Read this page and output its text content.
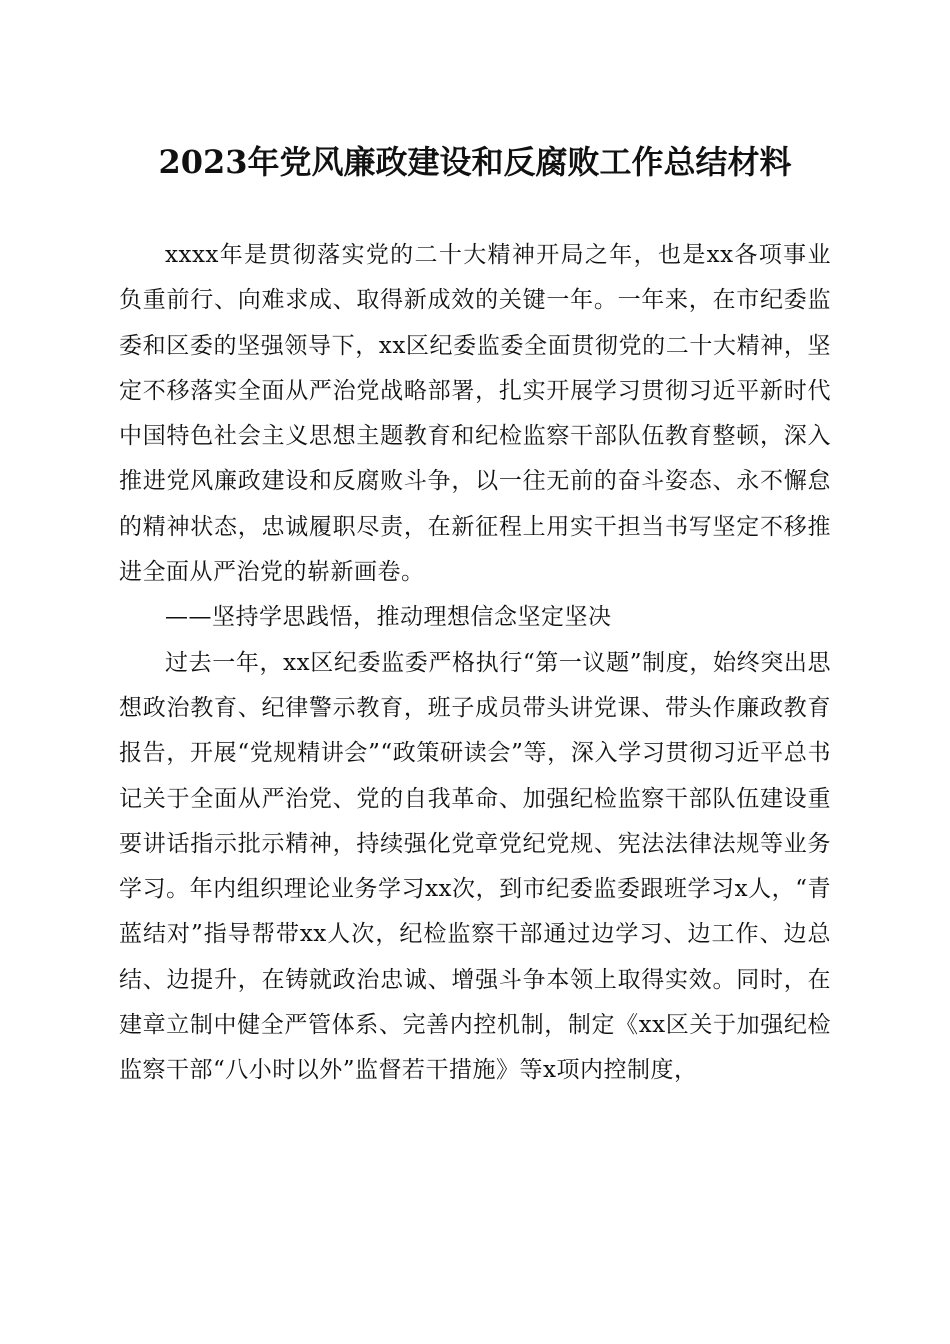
2023年党风廉政建设和反腐败工作总结材料

xxxx年是贯彻落实党的二十大精神开局之年，也是xx各项事业负重前行、向难求成、取得新成效的关键一年。一年来，在市纪委监委和区委的坚强领导下，xx区纪委监委全面贯彻党的二十大精神，坚定不移落实全面从严治党战略部署，扎实开展学习贯彻习近平新时代中国特色社会主义思想主题教育和纪检监察干部队伍教育整顿，深入推进党风廉政建设和反腐败斗争，以一往无前的奋斗姿态、永不懈怠的精神状态，忠诚履职尽责，在新征程上用实干担当书写坚定不移推进全面从严治党的崭新画卷。

——坚持学思践悟，推动理想信念坚定坚决

过去一年，xx区纪委监委严格执行“第一议题”制度，始终突出思想政治教育、纪律警示教育，班子成员带头讲党课、带头作廉政教育报告，开展“党规精讲会”“政策研读会”等，深入学习贯彻习近平总书记关于全面从严治党、党的自我革命、加强纪检监察干部队伍建设重要讲话指示批示精神，持续强化党章党纪党规、宪法法律法规等业务学习。年内组织理论业务学习xx次，到市纪委监委跟班学习x人，“青蓝结对”指导帮带xx人次，纪检监察干部通过边学习、边工作、边总结、边提升，在铸就政治忠诚、增强斗争本领上取得实效。同时，在建章立制中健全严管体系、完善内控机制，制定《xx区关于加强纪检监察干部“八小时以外”监督若干措施》等x项内控制度，
